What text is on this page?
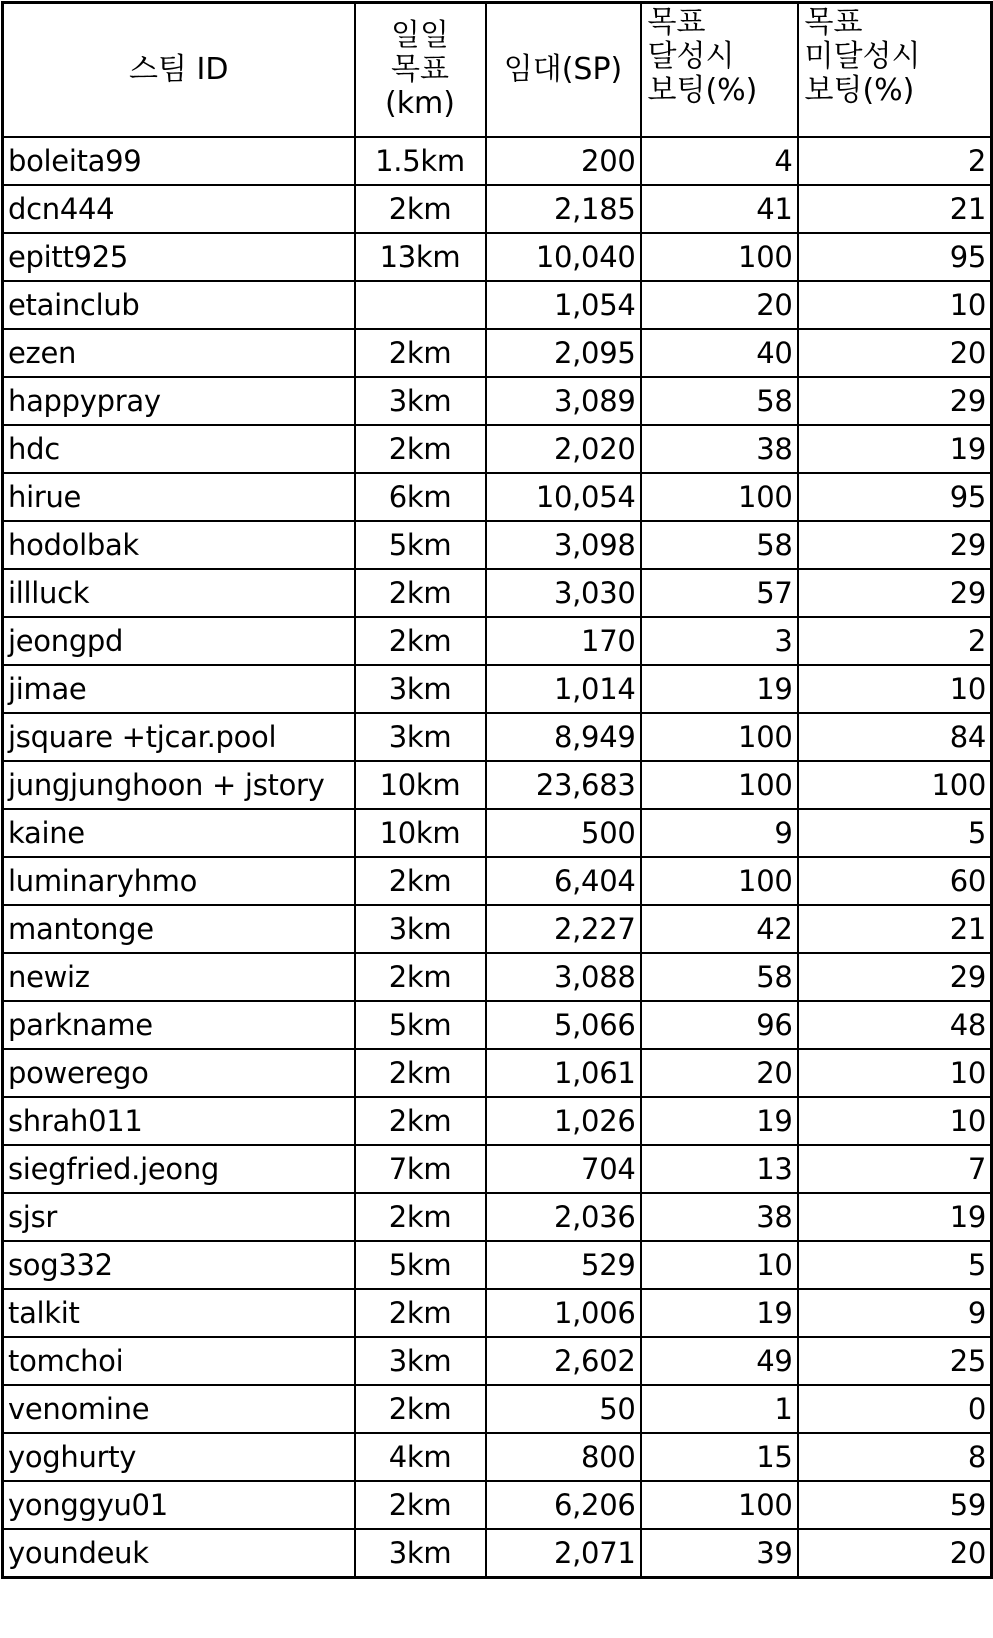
스팀 ID	일일 목표(km)	임대(SP)	목표 달성시 보팅(%)	목표 미달성시 보팅(%)
boleita99	1.5km	200	4	2
dcn444	2km	2,185	41	21
epitt925	13km	10,040	100	95
etainclub		1,054	20	10
ezen	2km	2,095	40	20
happypray	3km	3,089	58	29
hdc	2km	2,020	38	19
hirue	6km	10,054	100	95
hodolbak	5km	3,098	58	29
illluck	2km	3,030	57	29
jeongpd	2km	170	3	2
jimae	3km	1,014	19	10
jsquare +tjcar.pool	3km	8,949	100	84
jungjunghoon + jstory	10km	23,683	100	100
kaine	10km	500	9	5
luminaryhmo	2km	6,404	100	60
mantonge	3km	2,227	42	21
newiz	2km	3,088	58	29
parkname	5km	5,066	96	48
powerego	2km	1,061	20	10
shrah011	2km	1,026	19	10
siegfried.jeong	7km	704	13	7
sjsr	2km	2,036	38	19
sog332	5km	529	10	5
talkit	2km	1,006	19	9
tomchoi	3km	2,602	49	25
venomine	2km	50	1	0
yoghurty	4km	800	15	8
yonggyu01	2km	6,206	100	59
youndeuk	3km	2,071	39	20
